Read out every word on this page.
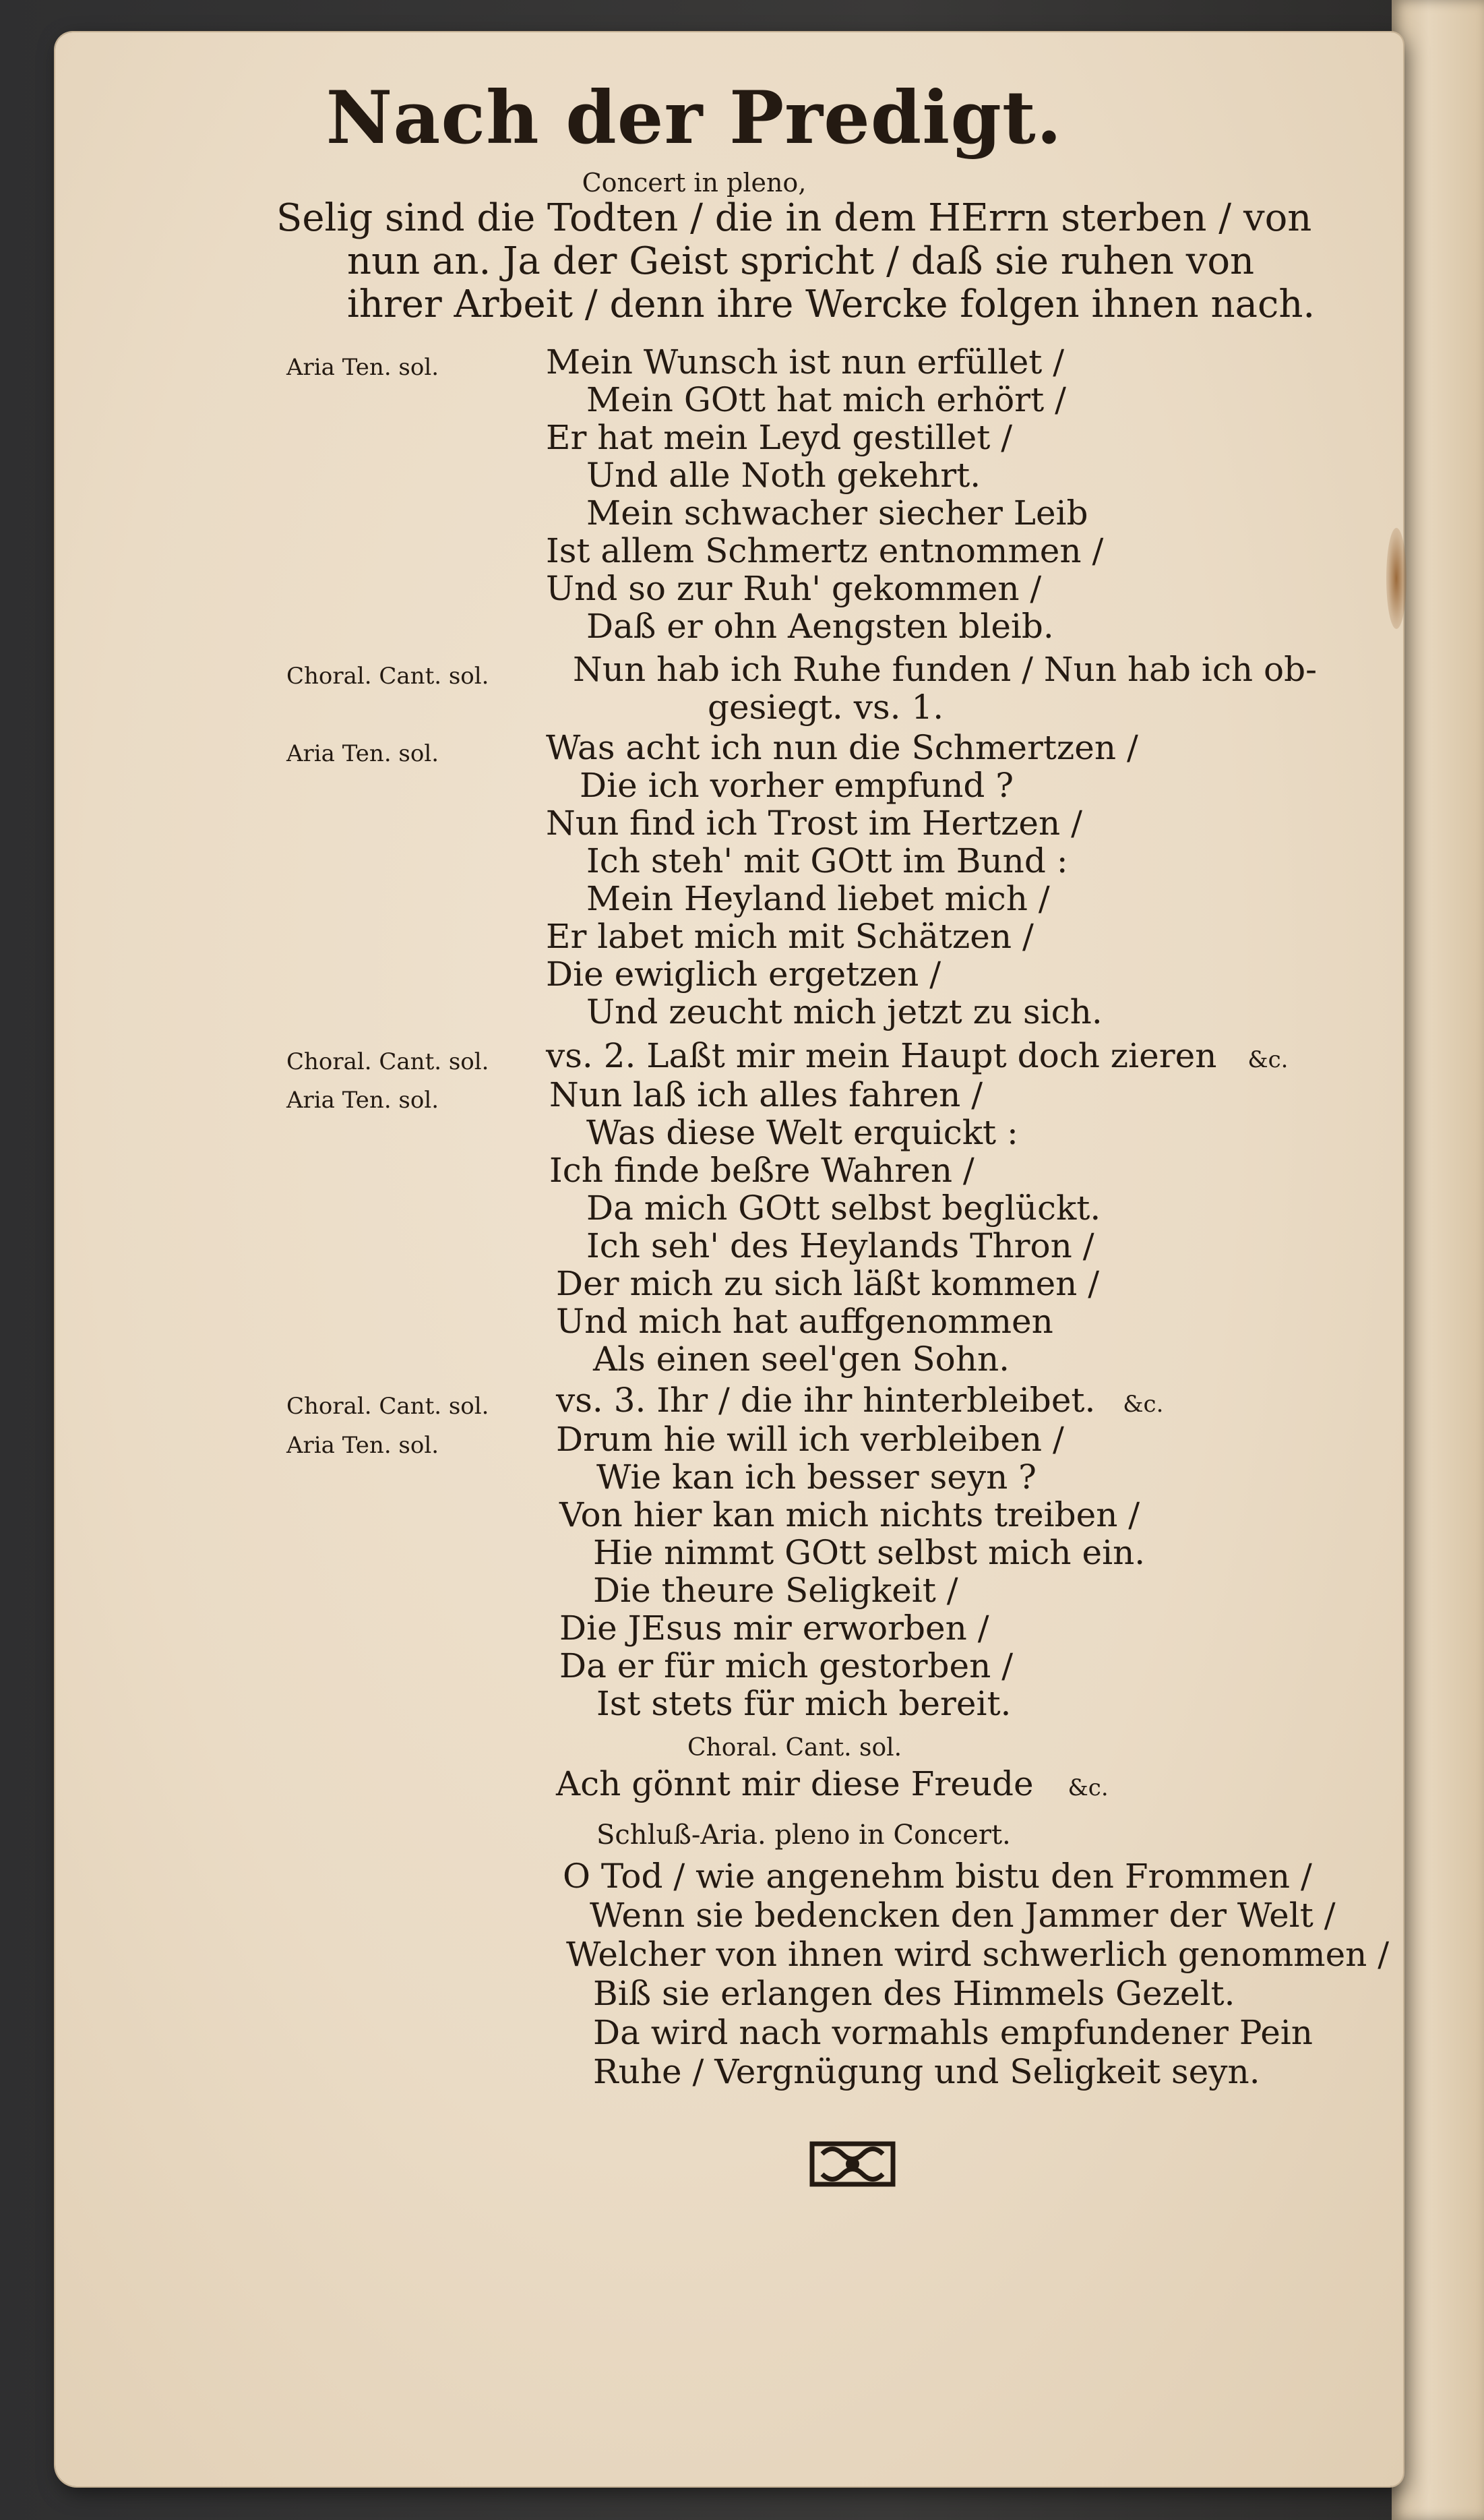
Nach der Predigt.
Concert in pleno,
Selig sind die Todten / die in dem HErrn sterben / von
nun an. Ja der Geist spricht / daß sie ruhen von
ihrer Arbeit / denn ihre Wercke folgen ihnen nach.
Aria Ten. sol.	Mein Wunsch ist nun erfüllet /
Mein GOtt hat mich erhört /
Er hat mein Leyd gestillet /
Und alle Noth gekehrt.
Mein schwacher siecher Leib
Ist allem Schmertz entnommen /
Und so zur Ruh' gekommen /
Daß er ohn Aengsten bleib.
Choral. Cant. sol. Nun hab ich Ruhe funden / Nun hab ich ob-
gesiegt. vs. 1.
Aria Ten. sol.	Was acht ich nun die Schmertzen /
Die ich vorher empfund ?
Nun find ich Trost im Hertzen /
Ich steh' mit GOtt im Bund :
Mein Heyland liebet mich /
Er labet mich mit Schätzen /
Die ewiglich ergetzen /
Und zeucht mich jetzt zu sich.
Choral. Cant. sol. vs. 2. Laßt mir mein Haupt doch zieren &c.
Aria Ten. sol.	Nun laß ich alles fahren /
Was diese Welt erquickt :
Ich finde beßre Wahren /
Da mich GOtt selbst beglückt.
Ich seh' des Heylands Thron /
Der mich zu sich läßt kommen /
Und mich hat auffgenommen
Als einen seel'gen Sohn.
Choral. Cant. sol. vs. 3. Ihr / die ihr hinterbleibet. &c.
Aria Ten. sol.	Drum hie will ich verbleiben /
Wie kan ich besser seyn ?
Von hier kan mich nichts treiben /
Hie nimmt GOtt selbst mich ein.
Die theure Seligkeit /
Die JEsus mir erworben /
Da er für mich gestorben /
Ist stets für mich bereit.
Choral. Cant. sol.
Ach gönnt mir diese Freude &c.
Schluß-Aria. pleno in Concert.
O Tod / wie angenehm bistu den Frommen /
Wenn sie bedencken den Jammer der Welt /
Welcher von ihnen wird schwerlich genommen /
Biß sie erlangen des Himmels Gezelt.
Da wird nach vormahls empfundener Pein
Ruhe / Vergnügung und Seligkeit seyn.
